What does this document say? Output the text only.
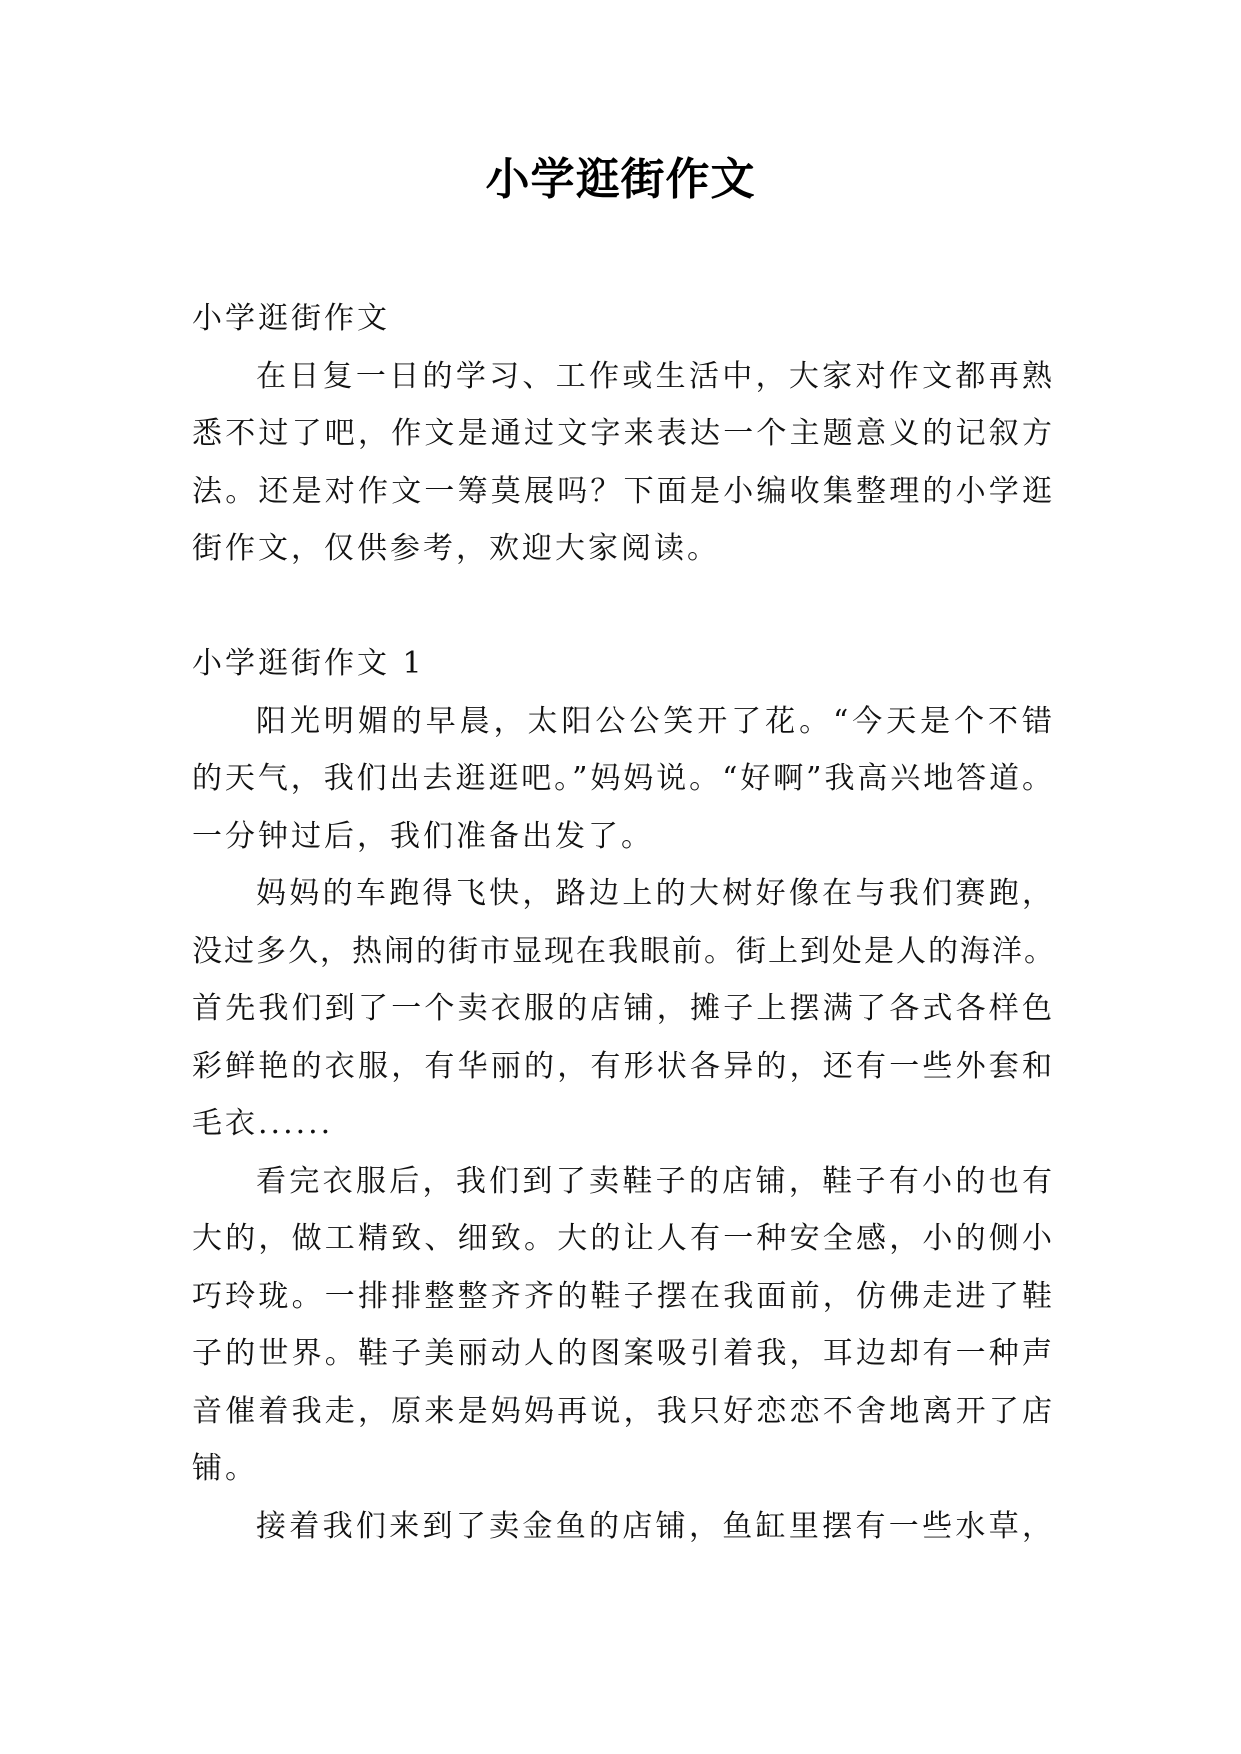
小学逛街作文

小学逛街作文

在日复一日的学习、工作或生活中，大家对作文都再熟

悉不过了吧，作文是通过文字来表达一个主题意义的记叙方

法。还是对作文一筹莫展吗？下面是小编收集整理的小学逛

街作文，仅供参考，欢迎大家阅读。

小学逛街作文 1

阳光明媚的早晨，太阳公公笑开了花。“今天是个不错

的天气，我们出去逛逛吧。”妈妈说。“好啊”我高兴地答道。

一分钟过后，我们准备出发了。

妈妈的车跑得飞快，路边上的大树好像在与我们赛跑，

没过多久，热闹的街市显现在我眼前。街上到处是人的海洋。

首先我们到了一个卖衣服的店铺，摊子上摆满了各式各样色

彩鲜艳的衣服，有华丽的，有形状各异的，还有一些外套和

毛衣......

看完衣服后，我们到了卖鞋子的店铺，鞋子有小的也有

大的，做工精致、细致。大的让人有一种安全感，小的侧小

巧玲珑。一排排整整齐齐的鞋子摆在我面前，仿佛走进了鞋

子的世界。鞋子美丽动人的图案吸引着我，耳边却有一种声

音催着我走，原来是妈妈再说，我只好恋恋不舍地离开了店

铺。

接着我们来到了卖金鱼的店铺，鱼缸里摆有一些水草，
